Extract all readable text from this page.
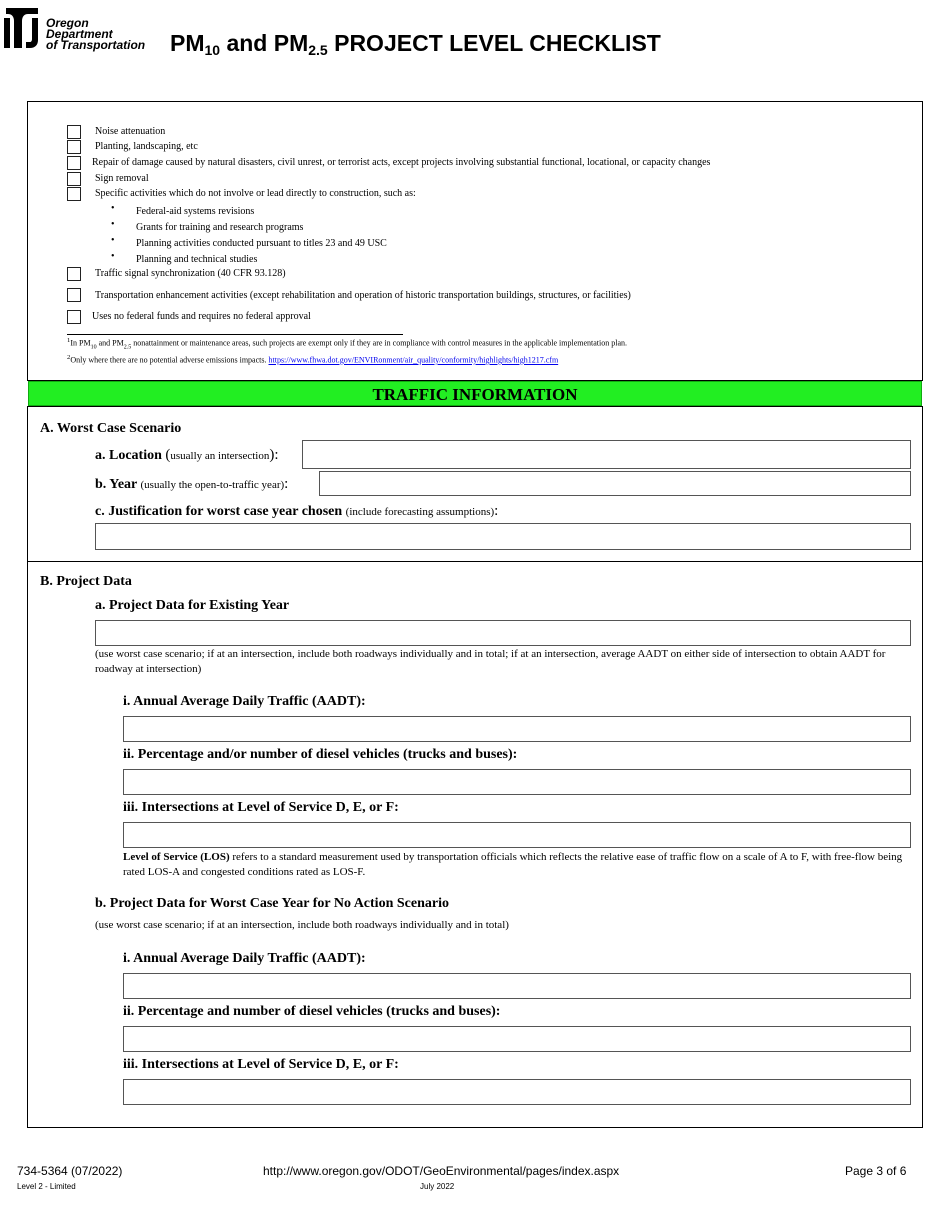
Oregon
Department
of Transportation $PM_{10}$ and $PM_{2.5}$ PROJECT LEVEL CHECKLIST
Noise attenuation
Planting, landscaping, etc
Repair of damage caused by natural disasters, civil unrest, or terrorist acts, except projects involving substantial functional, locational, or capacity changes
Sign removal
Specific activities which do not involve or lead directly to construction, such as:
• Federal-aid systems revisions
• Grants for training and research programs
• Planning activities conducted pursuant to titles 23 and 49 USC
• Planning and technical studies
Traffic signal synchronization (40 CFR 93.128)
Transportation enhancement activities (except rehabilitation and operation of historic transportation buildings, structures, or facilities)
Uses no federal funds and requires no federal approval
$^1$In $PM_{10}$ and $PM_{2.5}$ nonattainment or maintenance areas, such projects are exempt only if they are in compliance with control measures in the applicable implementation plan.
$^2$Only where there are no potential adverse emissions impacts. https://www.fhwa.dot.gov/ENVIRonment/air_quality/conformity/highlights/high1217.cfm
TRAFFIC INFORMATION
A. Worst Case Scenario
a. Location (usually an intersection):
b. Year (usually the open-to-traffic year):
c. Justification for worst case year chosen (include forecasting assumptions):
B. Project Data
a. Project Data for Existing Year
(use worst case scenario; if at an intersection, include both roadways individually and in total; if at an intersection, average AADT on either side of intersection to obtain AADT for roadway at intersection)
i. Annual Average Daily Traffic (AADT):
ii. Percentage and/or number of diesel vehicles (trucks and buses):
iii. Intersections at Level of Service D, E, or F:
Level of Service (LOS) refers to a standard measurement used by transportation officials which reflects the relative ease of traffic flow on a scale of A to F, with free-flow being rated LOS-A and congested conditions rated as LOS-F.
b. Project Data for Worst Case Year for No Action Scenario
(use worst case scenario; if at an intersection, include both roadways individually and in total)
i. Annual Average Daily Traffic (AADT):
ii. Percentage and number of diesel vehicles (trucks and buses):
iii. Intersections at Level of Service D, E, or F:
734-5364 (07/2022)
Level 2 - Limited
http://www.oregon.gov/ODOT/GeoEnvironmental/pages/index.aspx
July 2022
Page 3 of 6
